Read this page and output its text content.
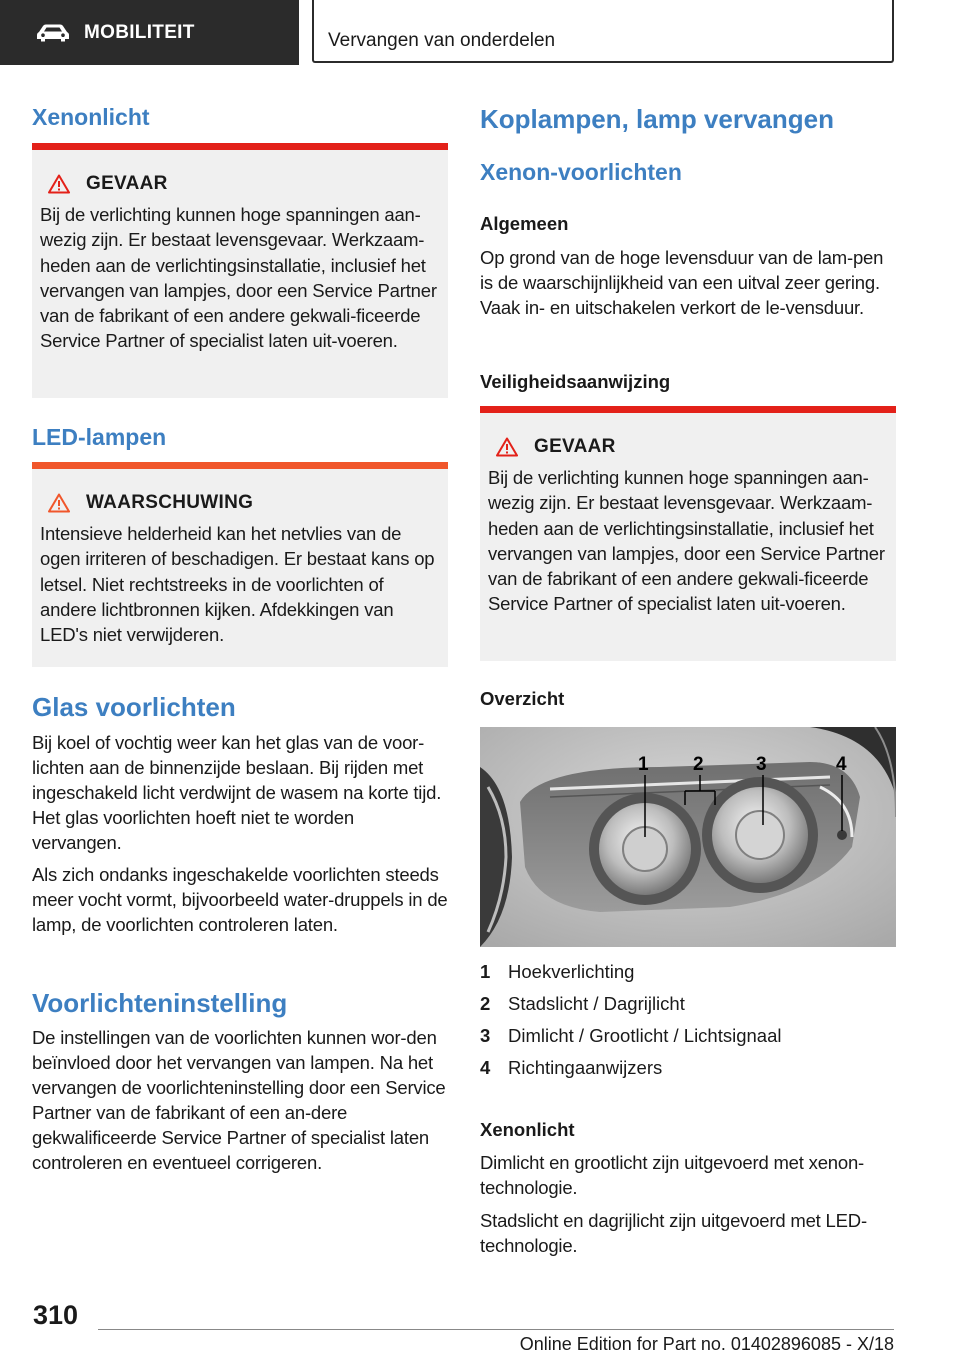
MOBILITEIT	Vervangen van onderdelen
Xenonlicht
GEVAAR
Bij de verlichting kunnen hoge spanningen aan-wezig zijn. Er bestaat levensgevaar. Werkzaam-heden aan de verlichtingsinstallatie, inclusief het vervangen van lampjes, door een Service Partner van de fabrikant of een andere gekwali-ficeerde Service Partner of specialist laten uit-voeren.
LED-lampen
WAARSCHUWING
Intensieve helderheid kan het netvlies van de ogen irriteren of beschadigen. Er bestaat kans op letsel. Niet rechtstreeks in de voorlichten of andere lichtbronnen kijken. Afdekkingen van LED's niet verwijderen.
Glas voorlichten

Bij koel of vochtig weer kan het glas van de voor-lichten aan de binnenzijde beslaan. Bij rijden met ingeschakeld licht verdwijnt de wasem na korte tijd. Het glas voorlichten hoeft niet te worden vervangen.

Als zich ondanks ingeschakelde voorlichten steeds meer vocht vormt, bijvoorbeeld water-druppels in de lamp, de voorlichten controleren laten.

Voorlichteninstelling

De instellingen van de voorlichten kunnen wor-den beïnvloed door het vervangen van lampen. Na het vervangen de voorlichteninstelling door een Service Partner van de fabrikant of een an-dere gekwalificeerde Service Partner of specialist laten controleren en eventueel corrigeren.

Koplampen, lamp vervangen
Xenon-voorlichten
Algemeen

Op grond van de hoge levensduur van de lam-pen is de waarschijnlijkheid van een uitval zeer gering. Vaak in- en uitschakelen verkort de le-vensduur.

Veiligheidsaanwijzing
GEVAAR
Bij de verlichting kunnen hoge spanningen aan-wezig zijn. Er bestaat levensgevaar. Werkzaam-heden aan de verlichtingsinstallatie, inclusief het vervangen van lampjes, door een Service Partner van de fabrikant of een andere gekwali-ficeerde Service Partner of specialist laten uit-voeren.
Overzicht
1 2	3	4
1 Hoekverlichting
2 Stadslicht / Dagrijlicht
3 Dimlicht / Grootlicht / Lichtsignaal
4 Richtingaanwijzers
Xenonlicht

Dimlicht en grootlicht zijn uitgevoerd met xenon-technologie.

Stadslicht en dagrijlicht zijn uitgevoerd met LED-technologie.

310
Online Edition for Part no. 01402896085 - X/18
